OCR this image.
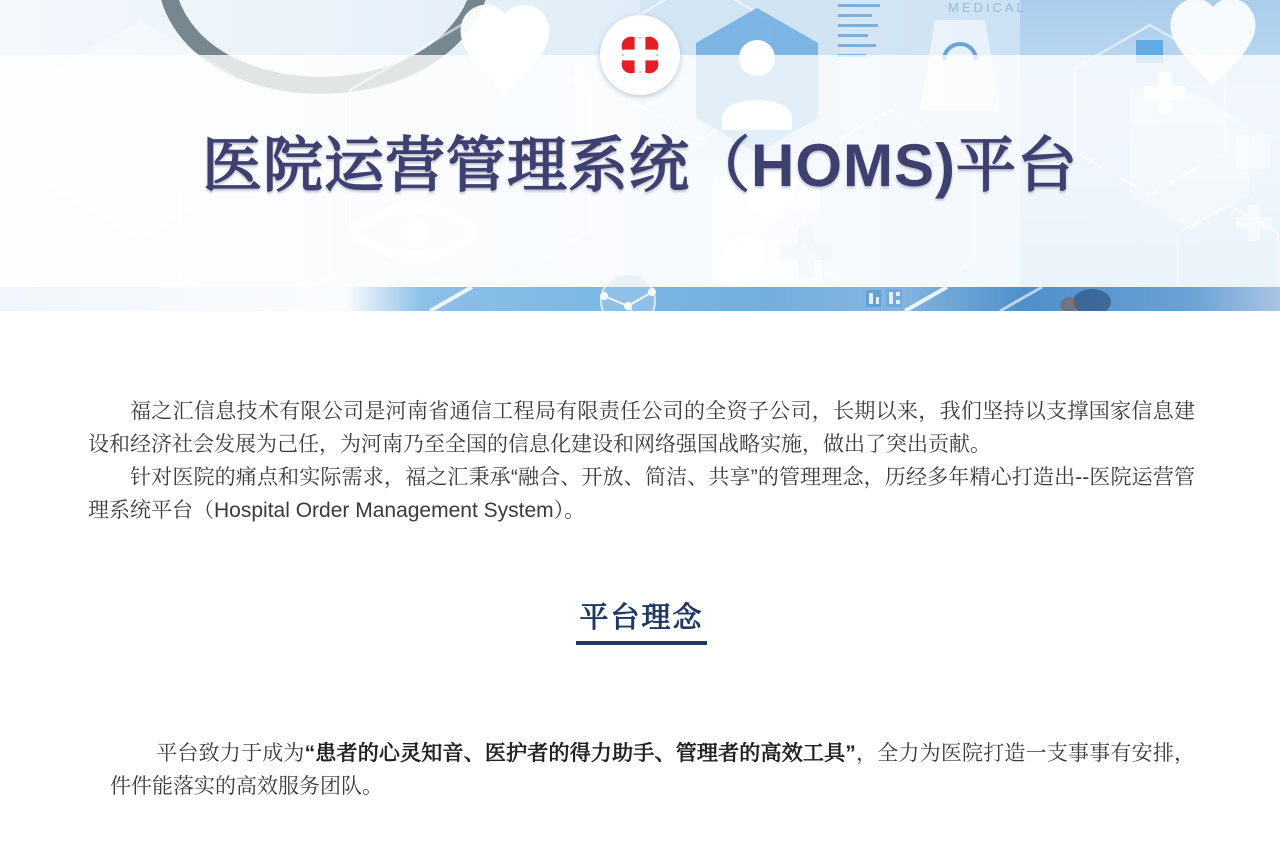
MEDICAL
医院运营管理系统（HOMS)平台

福之汇信息技术有限公司是河南省通信工程局有限责任公司的全资子公司，长期以来，我们坚持以支撑国家信息建设和经济社会发展为己任，为河南乃至全国的信息化建设和网络强国战略实施，做出了突出贡献。

针对医院的痛点和实际需求，福之汇秉承“融合、开放、简洁、共享”的管理理念，历经多年精心打造出--医院运营管理系统平台（Hospital Order Management System）。

平台理念

平台致力于成为“患者的心灵知音、医护者的得力助手、管理者的高效工具”，全力为医院打造一支事事有安排，件件能落实的高效服务团队。
